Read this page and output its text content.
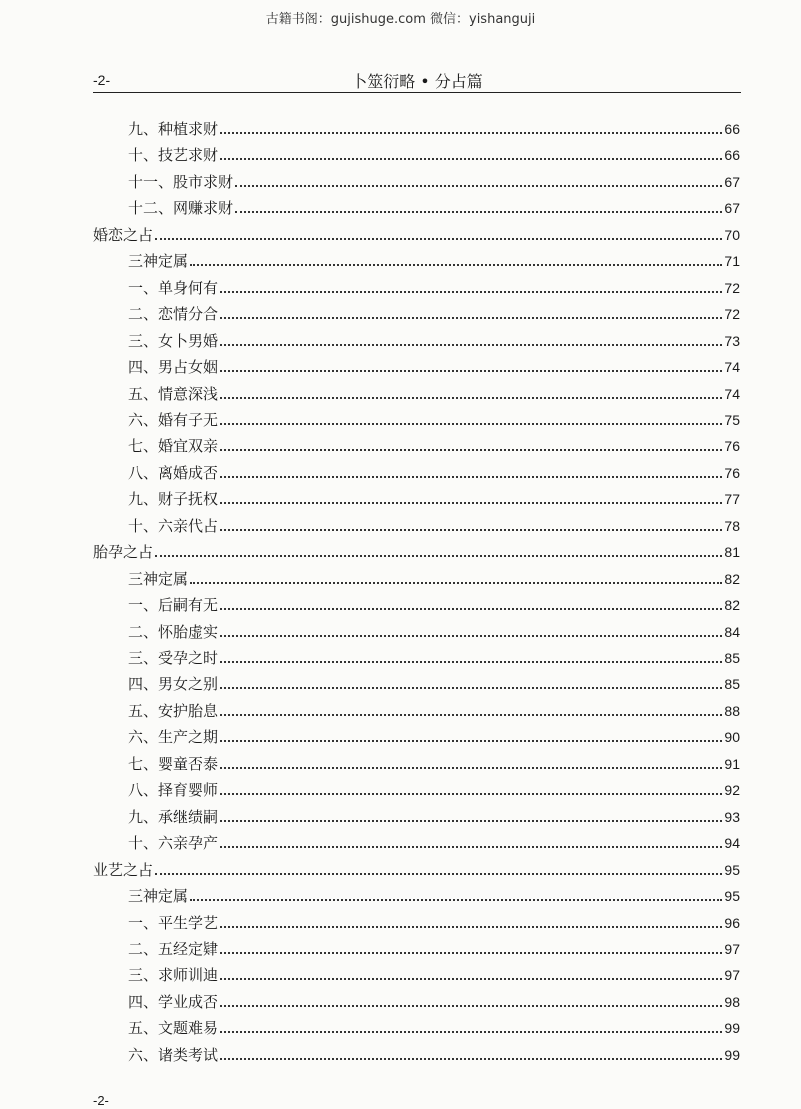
古籍书阁：gujishuge.com 微信：yishanguji
-2-	卜筮衍略 • 分占篇
九、种植求财	66
十、技艺求财	66
十一、股市求财	67
十二、网赚求财	67
婚恋之占	70
三神定属	71
一、单身何有	72
二、恋情分合	72
三、女卜男婚	73
四、男占女姻	74
五、情意深浅	74
六、婚有子无	75
七、婚宜双亲	76
八、离婚成否	76
九、财子抚权	77
十、六亲代占	78
胎孕之占	81
三神定属	82
一、后嗣有无	82
二、怀胎虚实	84
三、受孕之时	85
四、男女之别	85
五、安护胎息	88
六、生产之期	90
七、婴童否泰	91
八、择育婴师	92
九、承继绩嗣	93
十、六亲孕产	94
业艺之占	95
三神定属	95
一、平生学艺	96
二、五经定肄	97
三、求师训迪	97
四、学业成否	98
五、文题难易	99
六、诸类考试	99
-2-
